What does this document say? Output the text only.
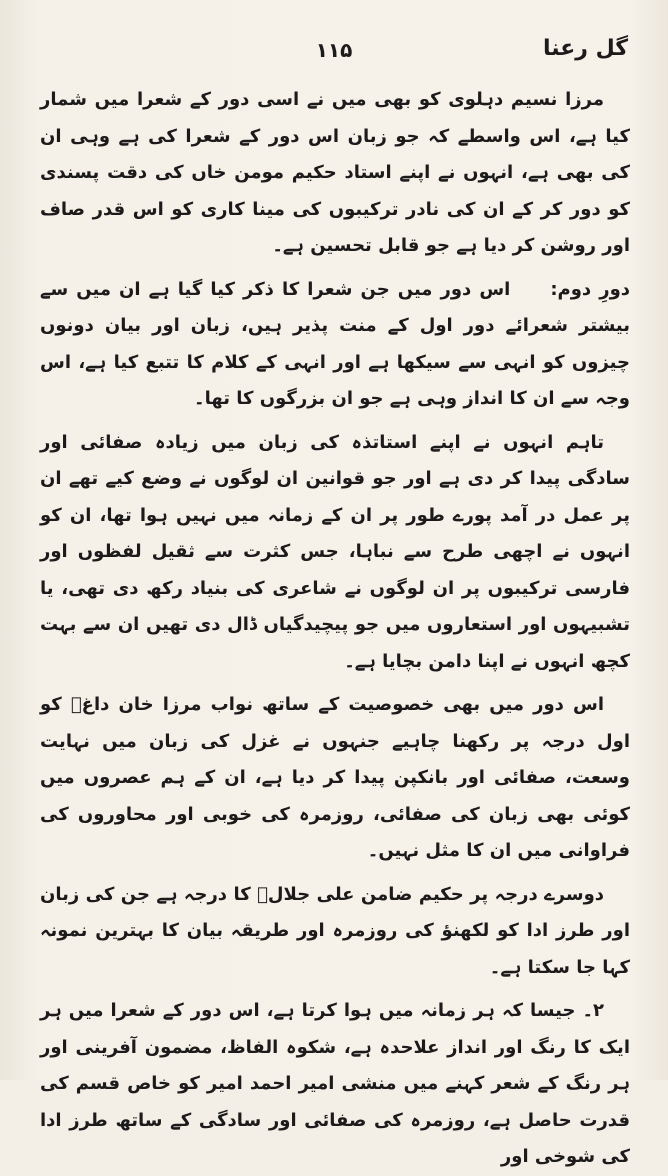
گل رعنا
۱۱۵

مرزا نسیم دہلوی کو بھی میں نے اسی دور کے شعرا میں شمار کیا ہے، اس واسطے کہ جو زبان اس دور کے شعرا کی ہے وہی ان کی بھی ہے، انہوں نے اپنے استاد حکیم مومن خاں کی دقت پسندی کو دور کر کے ان کی نادر ترکیبوں کی مینا کاری کو اس قدر صاف اور روشن کر دیا ہے جو قابل تحسین ہے۔

دورِ دوم:اس دور میں جن شعرا کا ذکر کیا گیا ہے ان میں سے بیشتر شعرائے دور اول کے منت پذیر ہیں، زبان اور بیان دونوں چیزوں کو انہی سے سیکھا ہے اور انہی کے کلام کا تتبع کیا ہے، اس وجہ سے ان کا انداز وہی ہے جو ان بزرگوں کا تھا۔

تاہم انہوں نے اپنے استاتذہ کی زبان میں زیادہ صفائی اور سادگی پیدا کر دی ہے اور جو قوانین ان لوگوں نے وضع کیے تھے ان پر عمل در آمد پورے طور پر ان کے زمانہ میں نہیں ہوا تھا، ان کو انہوں نے اچھی طرح سے نباہا، جس کثرت سے ثقیل لفظوں اور فارسی ترکیبوں پر ان لوگوں نے شاعری کی بنیاد رکھ دی تھی، یا تشبیہوں اور استعاروں میں جو پیچیدگیاں ڈال دی تھیں ان سے بہت کچھ انہوں نے اپنا دامن بچایا ہے۔

اس دور میں بھی خصوصیت کے ساتھ نواب مرزا خان داغؔ کو اول درجہ پر رکھنا چاہیے جنہوں نے غزل کی زبان میں نہایت وسعت، صفائی اور بانکپن پیدا کر دیا ہے، ان کے ہم عصروں میں کوئی بھی زبان کی صفائی، روزمرہ کی خوبی اور محاوروں کی فراوانی میں ان کا مثل نہیں۔

دوسرے درجہ پر حکیم ضامن علی جلالؔ کا درجہ ہے جن کی زبان اور طرز ادا کو لکھنؤ کی روزمرہ اور طریقہ بیان کا بہترین نمونہ کہا جا سکتا ہے۔

۲۔ جیسا کہ ہر زمانہ میں ہوا کرتا ہے، اس دور کے شعرا میں ہر ایک کا رنگ اور انداز علاحدہ ہے، شکوہ الفاظ، مضمون آفرینی اور ہر رنگ کے شعر کہنے میں منشی امیر احمد امیر کو خاص قسم کی قدرت حاصل ہے، روزمرہ کی صفائی اور سادگی کے ساتھ طرز ادا کی شوخی اور
